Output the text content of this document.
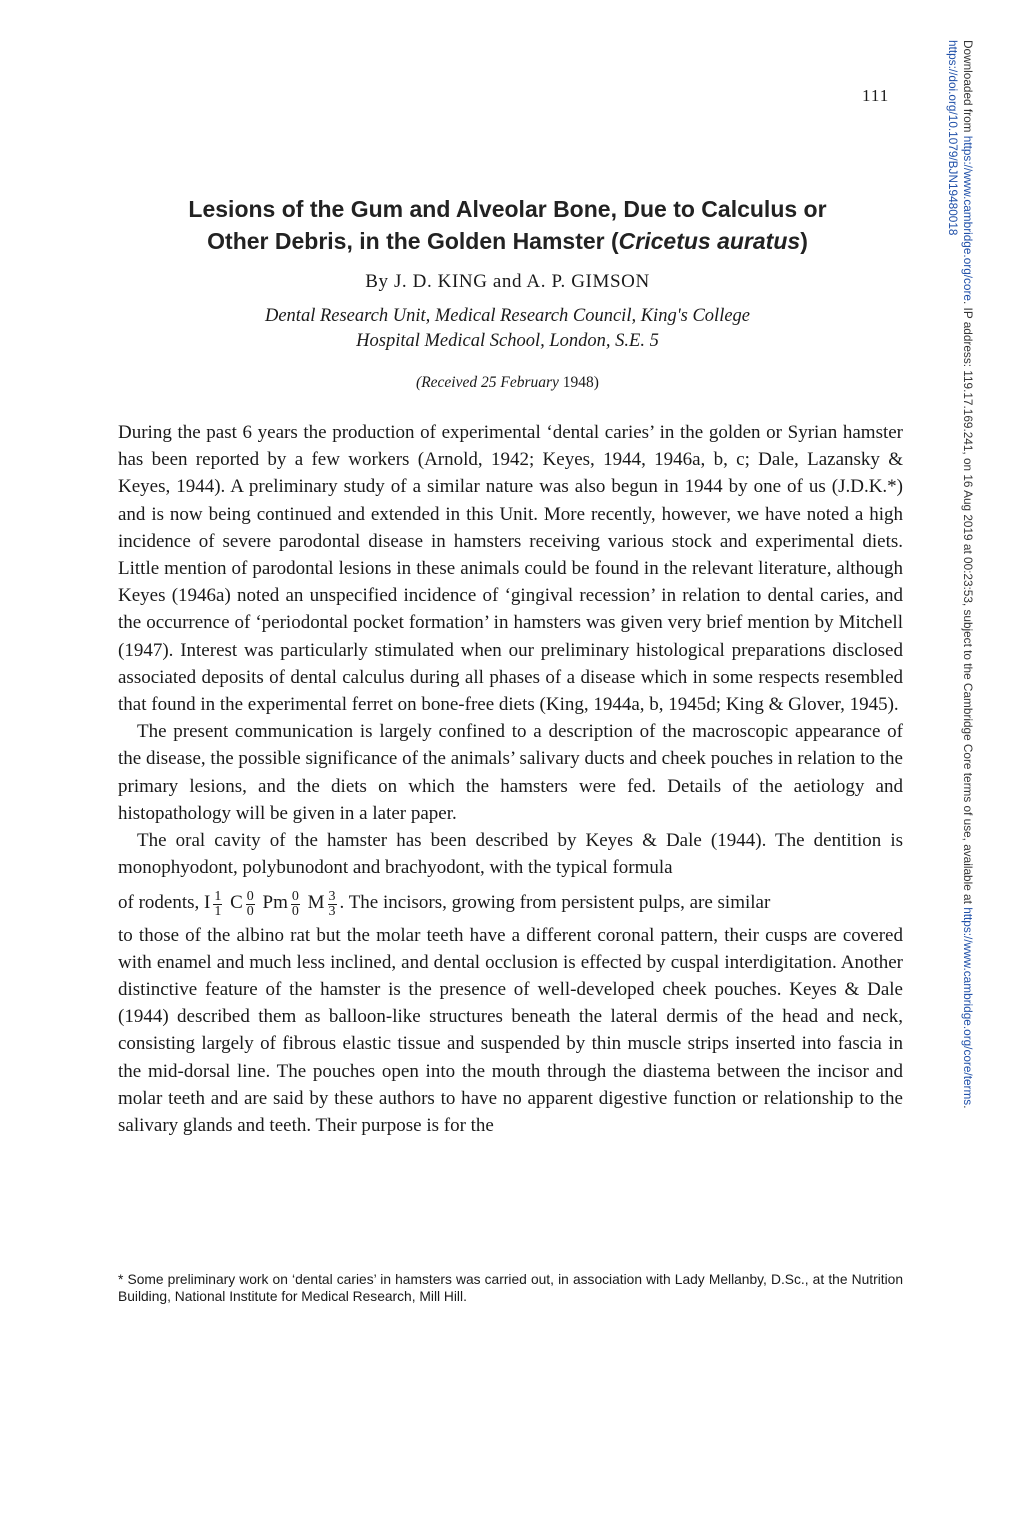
111	Downloaded from https://www.cambridge.org/core. IP address: 119.17.169.241, on 16 Aug 2019 at 00:23:53, subject to the Cambridge Core terms of use, available at https://www.cambridge.org/core/terms.
https://doi.org/10.1079/BJN19480018
Lesions of the Gum and Alveolar Bone, Due to Calculus or
Other Debris, in the Golden Hamster (Cricetus auratus)
By J. D. KING and A. P. GIMSON
Dental Research Unit, Medical Research Council, King's College
Hospital Medical School, London, S.E. 5
(Received 25 February 1948)

During the past 6 years the production of experimental ‘dental caries’ in the golden or Syrian hamster has been reported by a few workers (Arnold, 1942; Keyes, 1944, 1946a, b, c; Dale, Lazansky & Keyes, 1944). A preliminary study of a similar nature was also begun in 1944 by one of us (J.D.K.*) and is now being continued and extended in this Unit. More recently, however, we have noted a high incidence of severe parodontal disease in hamsters receiving various stock and experimental diets. Little mention of parodontal lesions in these animals could be found in the relevant literature, although Keyes (1946a) noted an unspecified incidence of ‘gingival recession’ in relation to dental caries, and the occurrence of ‘periodontal pocket formation’ in hamsters was given very brief mention by Mitchell (1947). Interest was particularly stimulated when our preliminary histological preparations disclosed associated deposits of dental calculus during all phases of a disease which in some respects resembled that found in the experimental ferret on bone-free diets (King, 1944a, b, 1945d; King & Glover, 1945).

The present communication is largely confined to a description of the macroscopic appearance of the disease, the possible significance of the animals’ salivary ducts and cheek pouches in relation to the primary lesions, and the diets on which the hamsters were fed. Details of the aetiology and histopathology will be given in a later paper.

The oral cavity of the hamster has been described by Keyes & Dale (1944). The dentition is monophyodont, polybunodont and brachyodont, with the typical formula

of rodents, I $\frac{1}{1}$ C $\frac{0}{0}$ Pm $\frac{0}{0}$ M $\frac{3}{3}$ . The incisors, growing from persistent pulps, are similar

to those of the albino rat but the molar teeth have a different coronal pattern, their cusps are covered with enamel and much less inclined, and dental occlusion is effected by cuspal interdigitation. Another distinctive feature of the hamster is the presence of well-developed cheek pouches. Keyes & Dale (1944) described them as balloon-like structures beneath the lateral dermis of the head and neck, consisting largely of fibrous elastic tissue and suspended by thin muscle strips inserted into fascia in the mid-dorsal line. The pouches open into the mouth through the diastema between the incisor and molar teeth and are said by these authors to have no apparent digestive function or relationship to the salivary glands and teeth. Their purpose is for the

* Some preliminary work on ‘dental caries’ in hamsters was carried out, in association with Lady Mellanby, D.Sc., at the Nutrition Building, National Institute for Medical Research, Mill Hill.
